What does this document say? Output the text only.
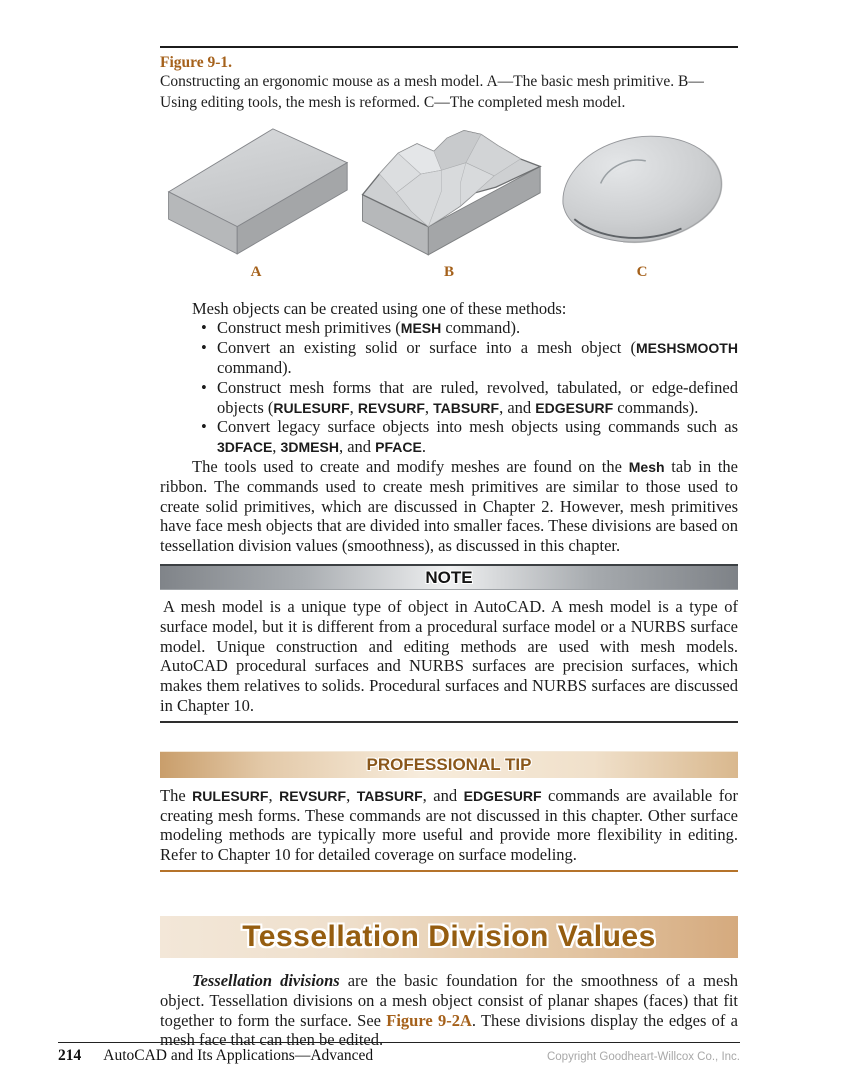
Figure 9-1.
Constructing an ergonomic mouse as a mesh model. A—The basic mesh primitive. B—Using editing tools, the mesh is reformed. C—The completed mesh model.
A	B	C

Mesh objects can be created using one of these methods:

• Construct mesh primitives (MESH command).
• Convert an existing solid or surface into a mesh object (MESHSMOOTH command).
• Construct mesh forms that are ruled, revolved, tabulated, or edge-defined objects (RULESURF, REVSURF, TABSURF, and EDGESURF commands).
• Convert legacy surface objects into mesh objects using commands such as 3DFACE, 3DMESH, and PFACE.

The tools used to create and modify meshes are found on the Mesh tab in the ribbon. The commands used to create mesh primitives are similar to those used to create solid primitives, which are discussed in Chapter 2. However, mesh primitives have face mesh objects that are divided into smaller faces. These divisions are based on tessellation division values (smoothness), as discussed in this chapter.

NOTE

A mesh model is a unique type of object in AutoCAD. A mesh model is a type of surface model, but it is different from a procedural surface model or a NURBS surface model. Unique construction and editing methods are used with mesh models. AutoCAD procedural surfaces and NURBS surfaces are precision surfaces, which makes them relatives to solids. Procedural surfaces and NURBS surfaces are discussed in Chapter 10.

PROFESSIONAL TIP

The RULESURF, REVSURF, TABSURF, and EDGESURF commands are available for creating mesh forms. These commands are not discussed in this chapter. Other surface modeling methods are typically more useful and provide more flexibility in editing. Refer to Chapter 10 for detailed coverage on surface modeling.

Tessellation Division Values

Tessellation divisions are the basic foundation for the smoothness of a mesh object. Tessellation divisions on a mesh object consist of planar shapes (faces) that fit together to form the surface. See Figure 9-2A. These divisions display the edges of a mesh face that can then be edited.

214 AutoCAD and Its Applications—Advanced	Copyright Goodheart-Willcox Co., Inc.
